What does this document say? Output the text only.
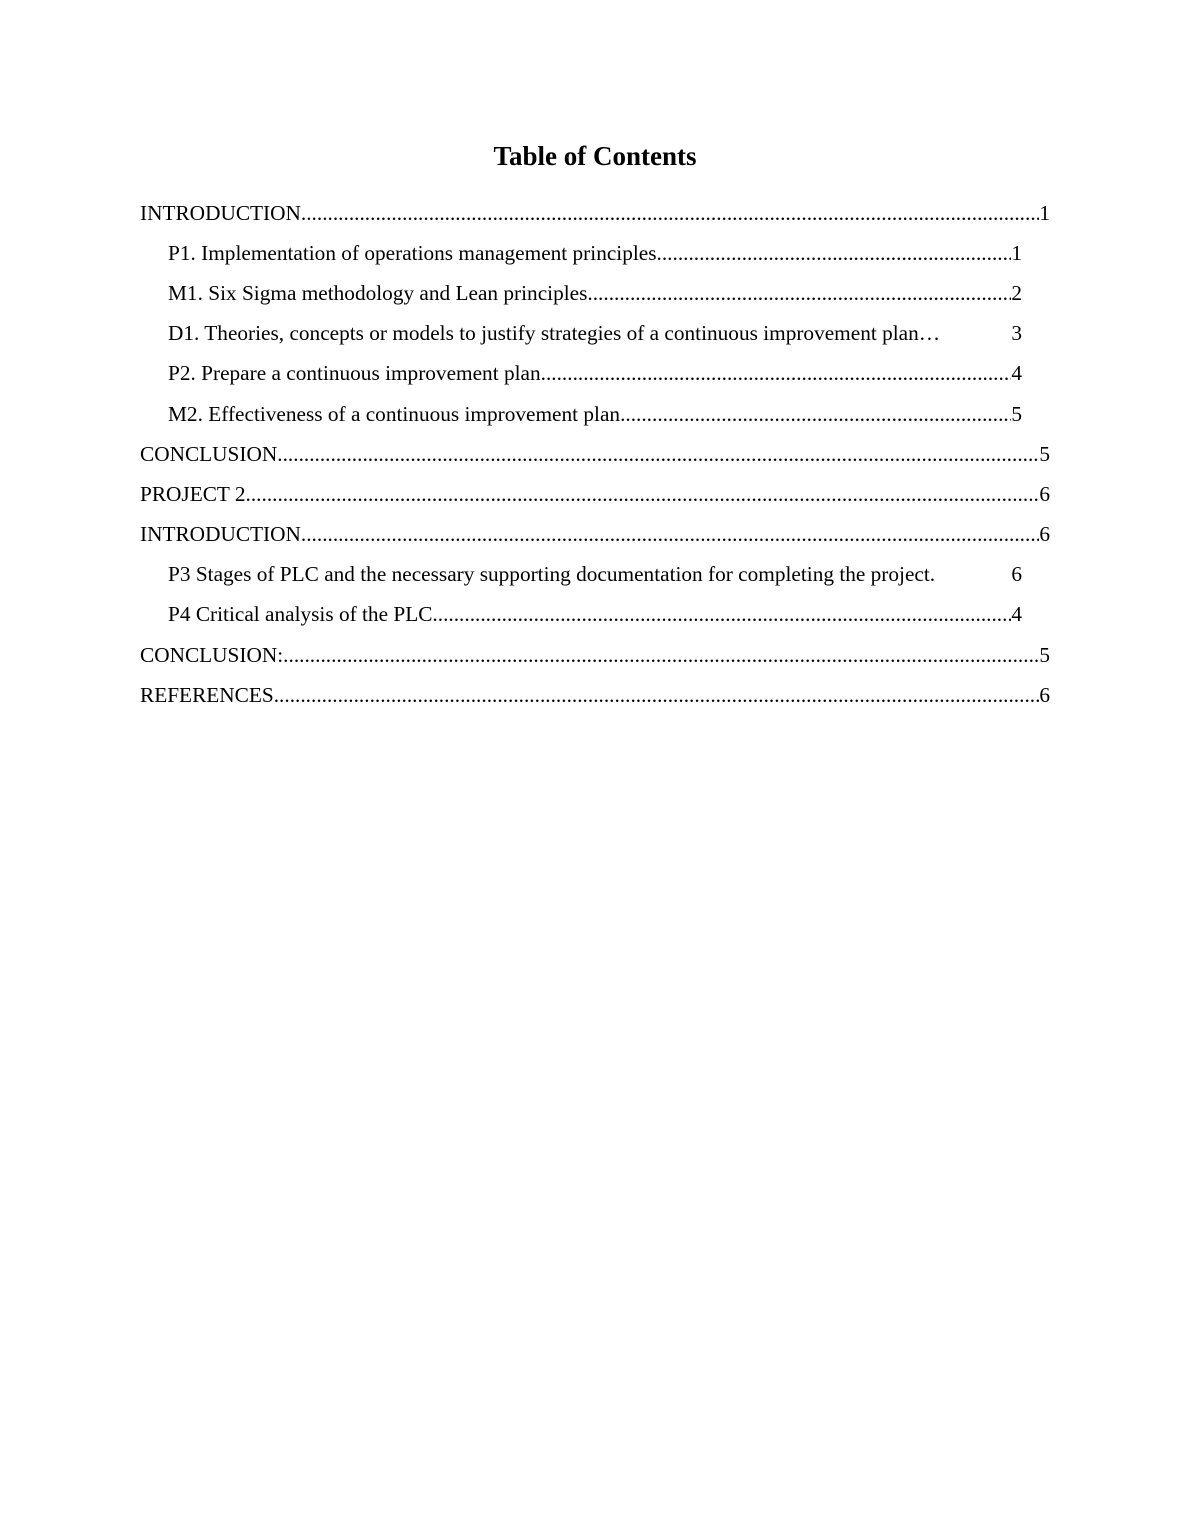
Table of Contents
INTRODUCTION .....	1
P1. Implementation of operations management principles .....	1
M1. Six Sigma methodology and Lean principles .....	2
D1. Theories, concepts or models to justify strategies of a continuous improvement plan…	3
P2. Prepare a continuous improvement plan .....	4
M2. Effectiveness of a continuous improvement plan .....	5
CONCLUSION .....	5
PROJECT 2 .....	6
INTRODUCTION .....	6
P3 Stages of PLC and the necessary supporting documentation for completing the project.	6
P4 Critical analysis of the PLC .....	4
CONCLUSION: .....	5
REFERENCES .....	6
